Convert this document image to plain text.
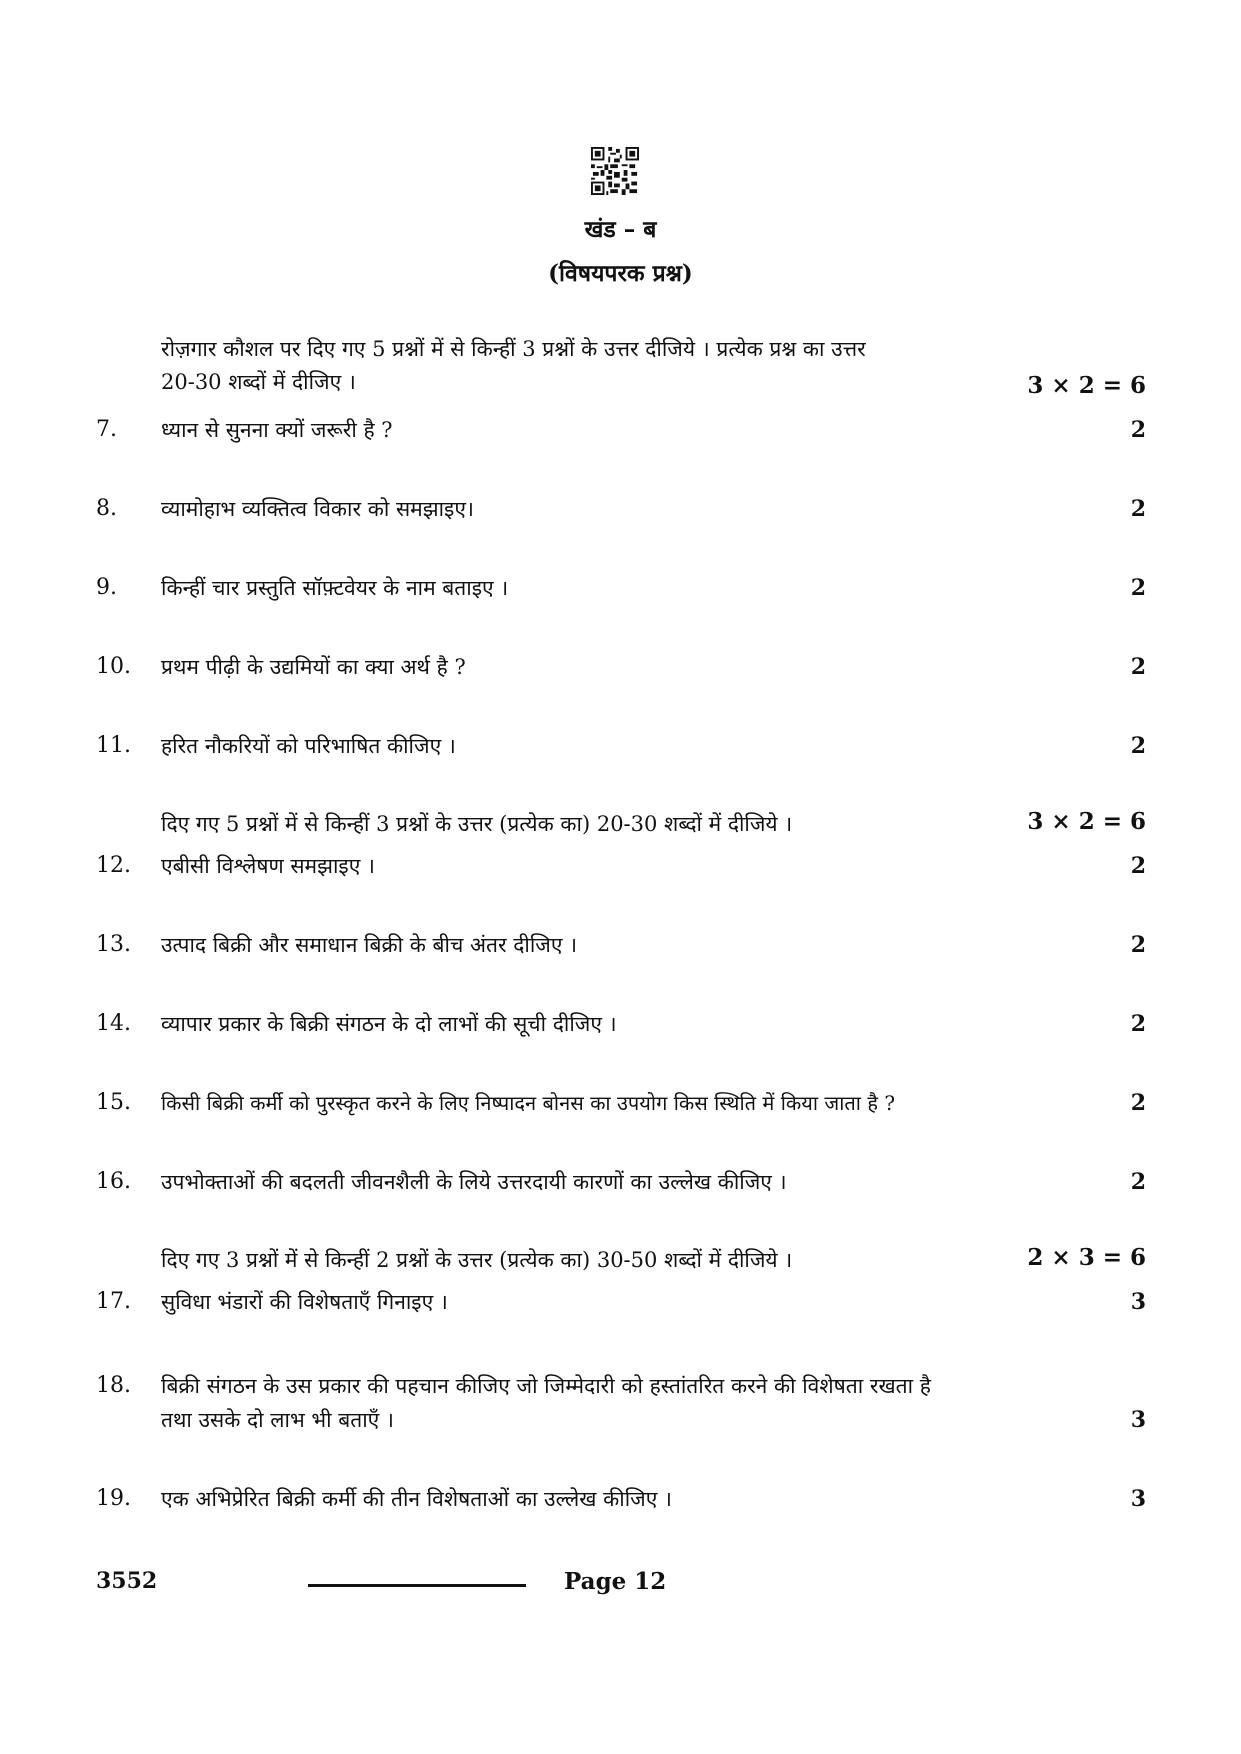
खंड – ब
(विषयपरक प्रश्न)
रोज़गार कौशल पर दिए गए 5 प्रश्नों में से किन्हीं 3 प्रश्नों के उत्तर दीजिये । प्रत्येक प्रश्न का उत्तर
20-30 शब्दों में दीजिए ।	3 × 2 = 6
7.	ध्यान से सुनना क्यों जरूरी है ?	2
8.	व्यामोहाभ व्यक्तित्व विकार को समझाइए।	2
9.	किन्हीं चार प्रस्तुति सॉफ़्टवेयर के नाम बताइए ।	2
10.	प्रथम पीढ़ी के उद्यमियों का क्या अर्थ है ?	2
11.	हरित नौकरियों को परिभाषित कीजिए ।	2
दिए गए 5 प्रश्नों में से किन्हीं 3 प्रश्नों के उत्तर (प्रत्येक का) 20-30 शब्दों में दीजिये ।	3 × 2 = 6
12.	एबीसी विश्लेषण समझाइए ।	2
13.	उत्पाद बिक्री और समाधान बिक्री के बीच अंतर दीजिए ।	2
14.	व्यापार प्रकार के बिक्री संगठन के दो लाभों की सूची दीजिए ।	2
15.	किसी बिक्री कर्मी को पुरस्कृत करने के लिए निष्पादन बोनस का उपयोग किस स्थिति में किया जाता है ?	2
16.	उपभोक्ताओं की बदलती जीवनशैली के लिये उत्तरदायी कारणों का उल्लेख कीजिए ।	2
दिए गए 3 प्रश्नों में से किन्हीं 2 प्रश्नों के उत्तर (प्रत्येक का) 30-50 शब्दों में दीजिये ।	2 × 3 = 6
17.	सुविधा भंडारों की विशेषताएँ गिनाइए ।	3
18.	बिक्री संगठन के उस प्रकार की पहचान कीजिए जो जिम्मेदारी को हस्तांतरित करने की विशेषता रखता है
तथा उसके दो लाभ भी बताएँ ।	3
19.	एक अभिप्रेरित बिक्री कर्मी की तीन विशेषताओं का उल्लेख कीजिए ।	3
3552	Page 12
